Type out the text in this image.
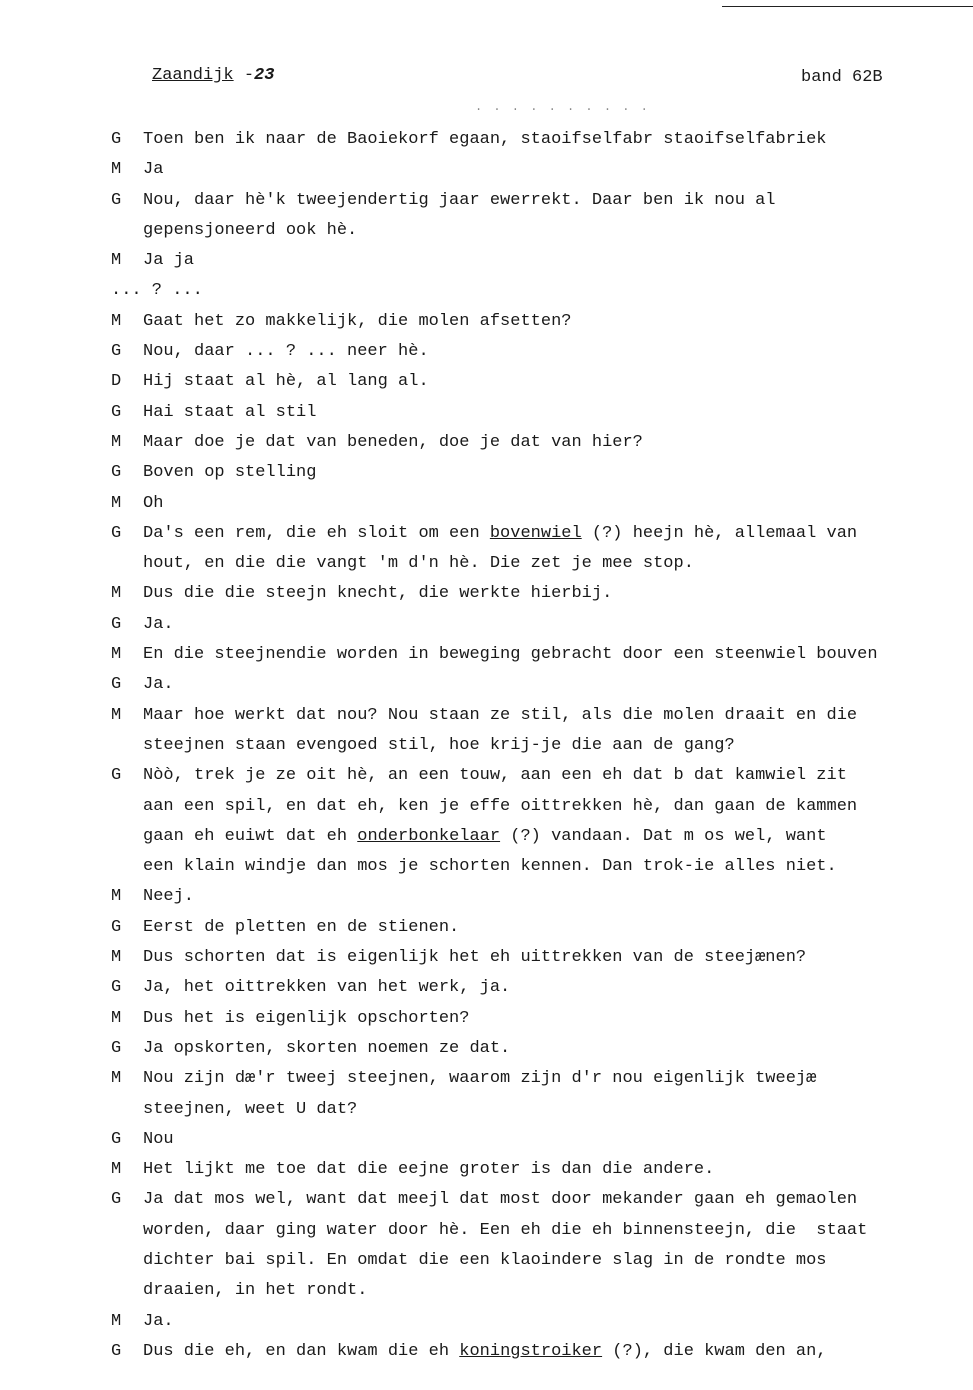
Zaandijk -23	band 62B
. . . . . . . . . .
G	Toen ben ik naar de Baoiekorf egaan, staoifselfabr staoifselfabriek
M	Ja
G	Nou, daar hè'k tweejendertig jaar ewerrekt. Daar ben ik nou al
gepensjoneerd ook hè.
M	Ja ja
... ? ...
M	Gaat het zo makkelijk, die molen afsetten?
G	Nou, daar ... ? ... neer hè.
D	Hij staat al hè, al lang al.
G	Hai staat al stil
M	Maar doe je dat van beneden, doe je dat van hier?
G	Boven op stelling
M	Oh
G	Da's een rem, die eh sloit om een bovenwiel (?) heejn hè, allemaal van
hout, en die die vangt 'm d'n hè. Die zet je mee stop.
M	Dus die die steejn knecht, die werkte hierbij.
G	Ja.
M	En die steejnendie worden in beweging gebracht door een steenwiel bouven
G	Ja.
M	Maar hoe werkt dat nou? Nou staan ze stil, als die molen draait en die
steejnen staan evengoed stil, hoe krij-je die aan de gang?
G	Nòò, trek je ze oit hè, an een touw, aan een eh dat b dat kamwiel zit
aan een spil, en dat eh, ken je effe oittrekken hè, dan gaan de kammen
gaan eh euiwt dat eh onderbonkelaar (?) vandaan. Dat m os wel, want
een klain windje dan mos je schorten kennen. Dan trok-ie alles niet.
M	Neej.
G	Eerst de pletten en de stienen.
M	Dus schorten dat is eigenlijk het eh uittrekken van de steejænen?
G	Ja, het oittrekken van het werk, ja.
M	Dus het is eigenlijk opschorten?
G	Ja opskorten, skorten noemen ze dat.
M	Nou zijn dæ'r tweej steejnen, waarom zijn d'r nou eigenlijk tweejæ
steejnen, weet U dat?
G	Nou
M	Het lijkt me toe dat die eejne groter is dan die andere.
G	Ja dat mos wel, want dat meejl dat most door mekander gaan eh gemaolen
worden, daar ging water door hè. Een eh die eh binnensteejn, die  staat
dichter bai spil. En omdat die een klaoindere slag in de rondte mos
draaien, in het rondt.
M	Ja.
G	Dus die eh, en dan kwam die eh koningstroiker (?), die kwam den an,
